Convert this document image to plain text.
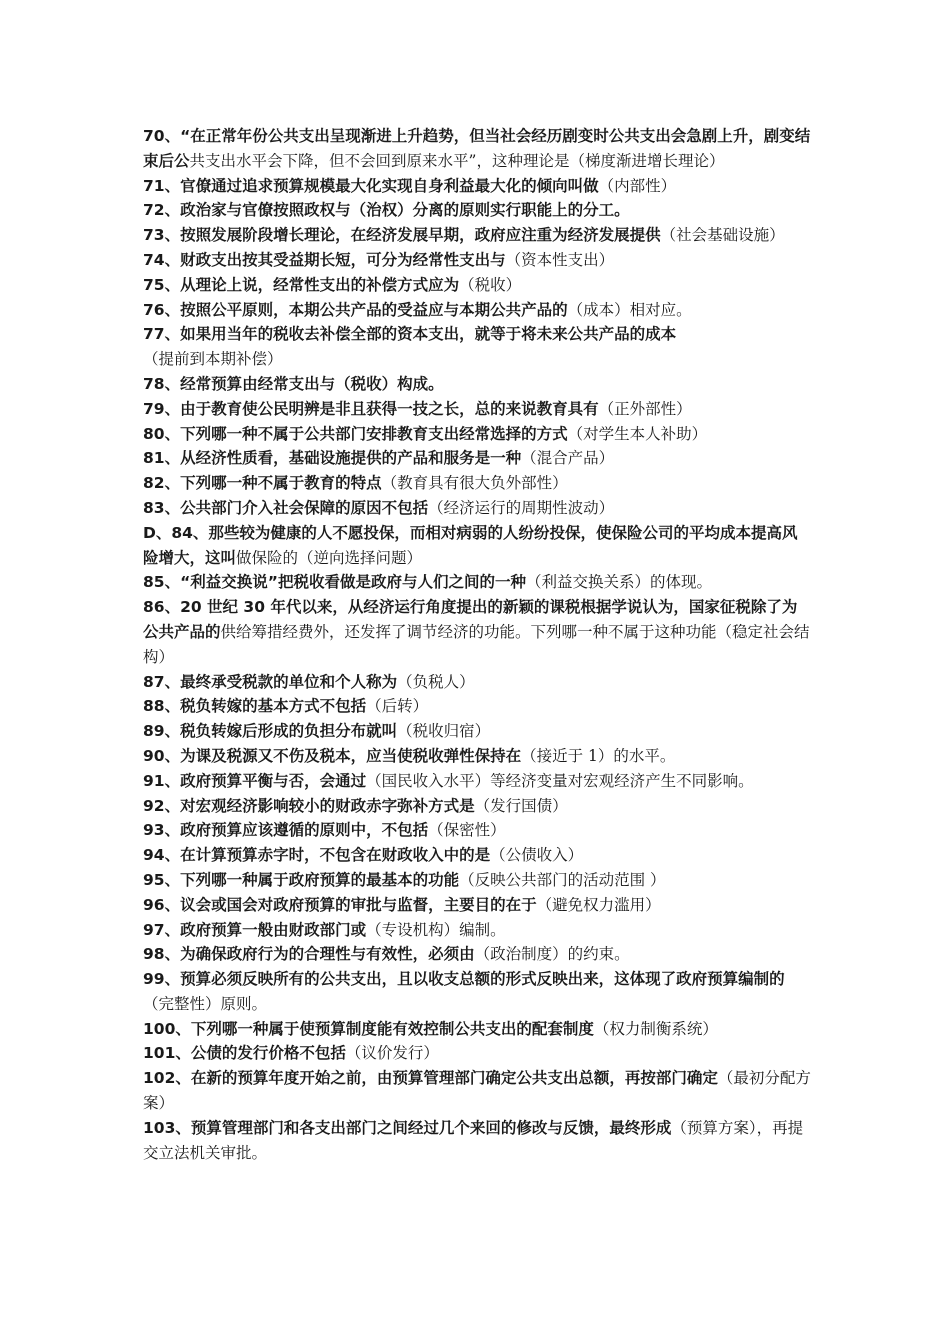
70、“在正常年份公共支出呈现渐进上升趋势，但当社会经历剧变时公共支出会急剧上升，剧变结束后公共支出水平会下降，但不会回到原来水平”，这种理论是（梯度渐进增长理论）

71、官僚通过追求预算规模最大化实现自身利益最大化的倾向叫做（内部性）

72、政治家与官僚按照政权与（治权）分离的原则实行职能上的分工。

73、按照发展阶段增长理论，在经济发展早期，政府应注重为经济发展提供（社会基础设施）

74、财政支出按其受益期长短，可分为经常性支出与（资本性支出）

75、从理论上说，经常性支出的补偿方式应为（税收）

76、按照公平原则，本期公共产品的受益应与本期公共产品的（成本）相对应。

77、如果用当年的税收去补偿全部的资本支出，就等于将未来公共产品的成本（提前到本期补偿）

78、经常预算由经常支出与（税收）构成。

79、由于教育使公民明辨是非且获得一技之长，总的来说教育具有（正外部性）

80、下列哪一种不属于公共部门安排教育支出经常选择的方式（对学生本人补助）

81、从经济性质看，基础设施提供的产品和服务是一种（混合产品）

82、下列哪一种不属于教育的特点（教育具有很大负外部性）

83、公共部门介入社会保障的原因不包括（经济运行的周期性波动）

D、84、那些较为健康的人不愿投保，而相对病弱的人纷纷投保，使保险公司的平均成本提高风险增大，这叫做保险的（逆向选择问题）

85、“利益交换说”把税收看做是政府与人们之间的一种（利益交换关系）的体现。

86、20 世纪 30 年代以来，从经济运行角度提出的新颖的课税根据学说认为，国家征税除了为公共产品的供给筹措经费外，还发挥了调节经济的功能。下列哪一种不属于这种功能（稳定社会结构）

87、最终承受税款的单位和个人称为（负税人）

88、税负转嫁的基本方式不包括（后转）

89、税负转嫁后形成的负担分布就叫（税收归宿）

90、为课及税源又不伤及税本，应当使税收弹性保持在（接近于 1）的水平。

91、政府预算平衡与否，会通过（国民收入水平）等经济变量对宏观经济产生不同影响。

92、对宏观经济影响较小的财政赤字弥补方式是（发行国债）

93、政府预算应该遵循的原则中，不包括（保密性）

94、在计算预算赤字时，不包含在财政收入中的是（公债收入）

95、下列哪一种属于政府预算的最基本的功能（反映公共部门的活动范围 ）

96、议会或国会对政府预算的审批与监督，主要目的在于（避免权力滥用）

97、政府预算一般由财政部门或（专设机构）编制。

98、为确保政府行为的合理性与有效性，必须由（政治制度）的约束。

99、预算必须反映所有的公共支出，且以收支总额的形式反映出来，这体现了政府预算编制的（完整性）原则。

100、下列哪一种属于使预算制度能有效控制公共支出的配套制度（权力制衡系统）

101、公债的发行价格不包括（议价发行）

102、在新的预算年度开始之前，由预算管理部门确定公共支出总额，再按部门确定（最初分配方案）

103、预算管理部门和各支出部门之间经过几个来回的修改与反馈，最终形成（预算方案），再提交立法机关审批。
